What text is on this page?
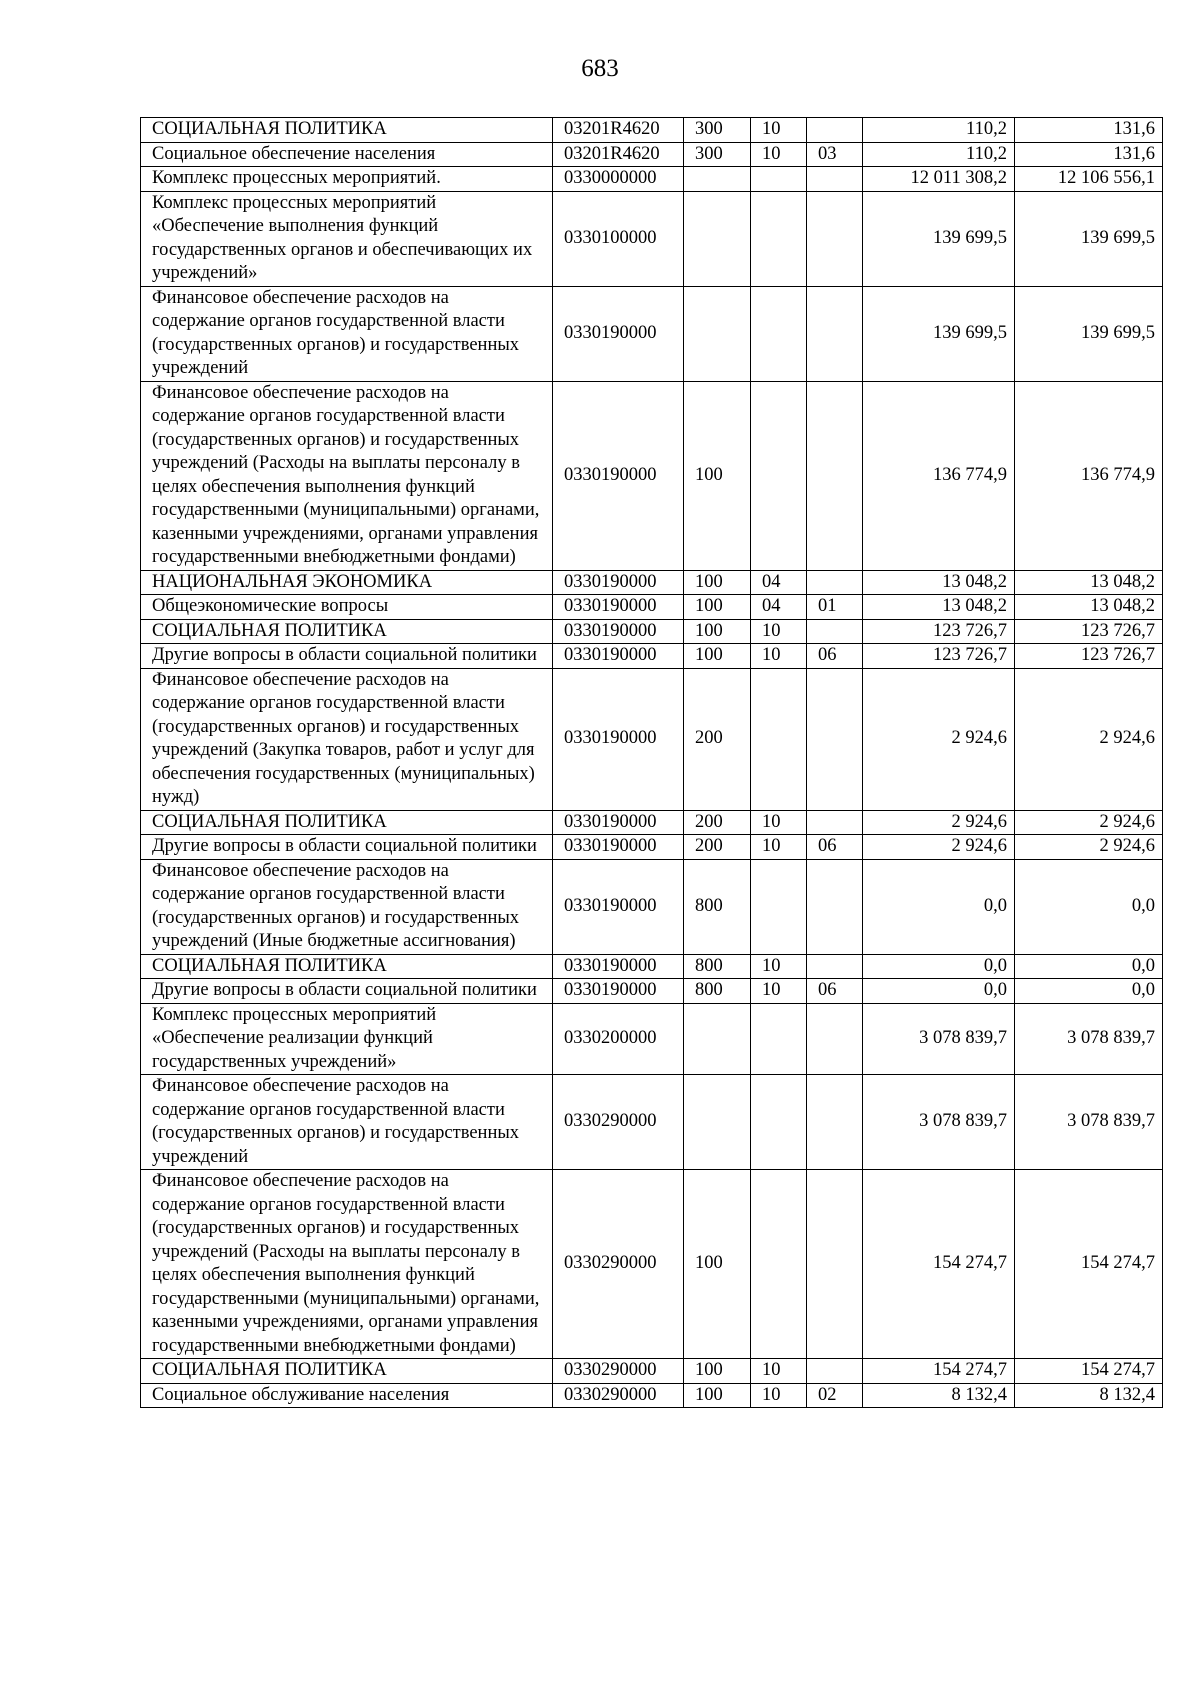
683
СОЦИАЛЬНАЯ ПОЛИТИКА	03201R4620	300	10		110,2	131,6
Социальное обеспечение населения	03201R4620	300	10	03	110,2	131,6
Комплекс процессных мероприятий.	0330000000				12 011 308,2	12 106 556,1
Комплекс процессных мероприятий «Обеспечение выполнения функций государственных органов и обеспечивающих их учреждений»	0330100000				139 699,5	139 699,5
Финансовое обеспечение расходов на содержание органов государственной власти (государственных органов) и государственных учреждений	0330190000				139 699,5	139 699,5
Финансовое обеспечение расходов на содержание органов государственной власти (государственных органов) и государственных учреждений (Расходы на выплаты персоналу в целях обеспечения выполнения функций государственными (муниципальными) органами, казенными учреждениями, органами управления государственными внебюджетными фондами)	0330190000	100			136 774,9	136 774,9
НАЦИОНАЛЬНАЯ ЭКОНОМИКА	0330190000	100	04		13 048,2	13 048,2
Общеэкономические вопросы	0330190000	100	04	01	13 048,2	13 048,2
СОЦИАЛЬНАЯ ПОЛИТИКА	0330190000	100	10		123 726,7	123 726,7
Другие вопросы в области социальной политики	0330190000	100	10	06	123 726,7	123 726,7
Финансовое обеспечение расходов на содержание органов государственной власти (государственных органов) и государственных учреждений (Закупка товаров, работ и услуг для обеспечения государственных (муниципальных) нужд)	0330190000	200			2 924,6	2 924,6
СОЦИАЛЬНАЯ ПОЛИТИКА	0330190000	200	10		2 924,6	2 924,6
Другие вопросы в области социальной политики	0330190000	200	10	06	2 924,6	2 924,6
Финансовое обеспечение расходов на содержание органов государственной власти (государственных органов) и государственных учреждений (Иные бюджетные ассигнования)	0330190000	800			0,0	0,0
СОЦИАЛЬНАЯ ПОЛИТИКА	0330190000	800	10		0,0	0,0
Другие вопросы в области социальной политики	0330190000	800	10	06	0,0	0,0
Комплекс процессных мероприятий «Обеспечение реализации функций государственных учреждений»	0330200000				3 078 839,7	3 078 839,7
Финансовое обеспечение расходов на содержание органов государственной власти (государственных органов) и государственных учреждений	0330290000				3 078 839,7	3 078 839,7
Финансовое обеспечение расходов на содержание органов государственной власти (государственных органов) и государственных учреждений (Расходы на выплаты персоналу в целях обеспечения выполнения функций государственными (муниципальными) органами, казенными учреждениями, органами управления государственными внебюджетными фондами)	0330290000	100			154 274,7	154 274,7
СОЦИАЛЬНАЯ ПОЛИТИКА	0330290000	100	10		154 274,7	154 274,7
Социальное обслуживание населения	0330290000	100	10	02	8 132,4	8 132,4
